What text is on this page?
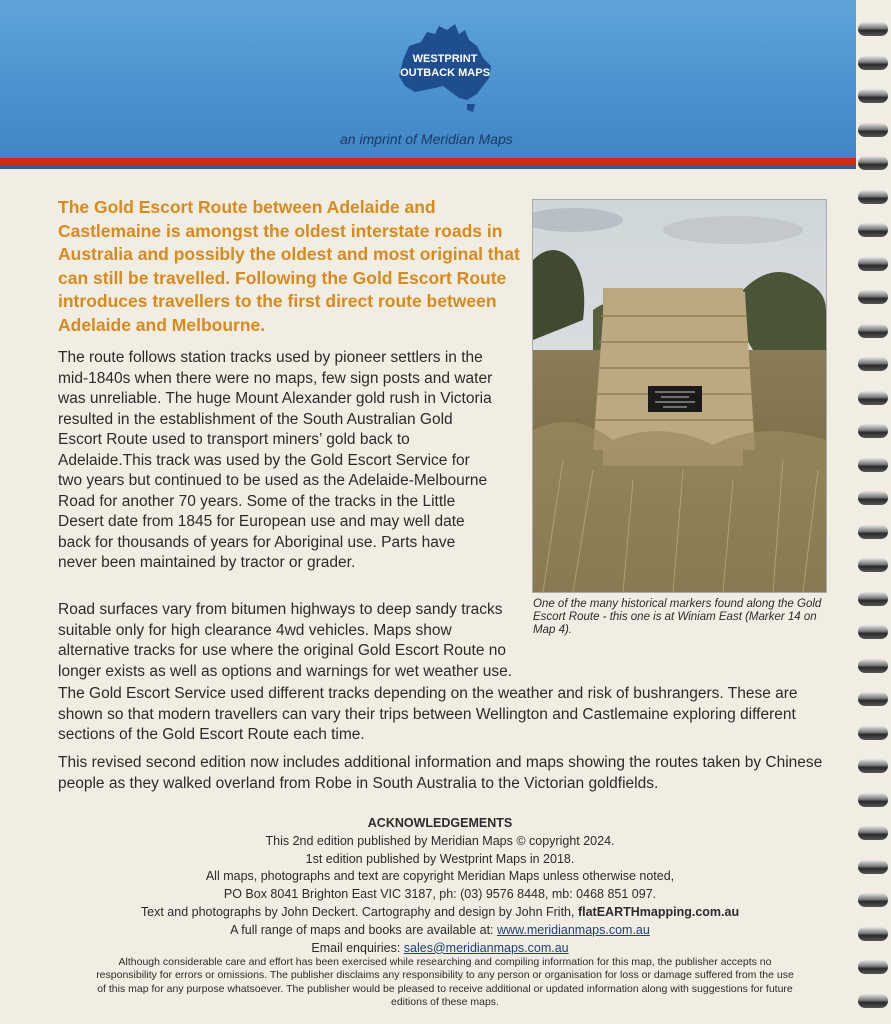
WESTPRINT
OUTBACK MAPS
an imprint of Meridian Maps
The Gold Escort Route between Adelaide and Castlemaine is amongst the oldest interstate roads in Australia and possibly the oldest and most original that can still be travelled. Following the Gold Escort Route introduces travellers to the first direct route between Adelaide and Melbourne.
The route follows station tracks used by pioneer settlers in the mid-1840s when there were no maps, few sign posts and water was unreliable. The huge Mount Alexander gold rush in Victoria resulted in the establishment of the South Australian Gold Escort Route used to transport miners’ gold back to Adelaide.This track was used by the Gold Escort Service for two years but continued to be used as the Adelaide-Melbourne Road for another 70 years. Some of the tracks in the Little Desert date from 1845 for European use and may well date back for thousands of years for Aboriginal use. Parts have never been maintained by tractor or grader.
Road surfaces vary from bitumen highways to deep sandy tracks suitable only for high clearance 4wd vehicles. Maps show alternative tracks for use where the original Gold Escort Route no longer exists as well as options and warnings for wet weather use.
The Gold Escort Service used different tracks depending on the weather and risk of bushrangers. These are shown so that modern travellers can vary their trips between Wellington and Castlemaine exploring different sections of the Gold Escort Route each time.
This revised second edition now includes additional information and maps showing the routes taken by Chinese people as they walked overland from Robe in South Australia to the Victorian goldfields.
One of the many historical markers found along the Gold Escort Route - this one is at Winiam East (Marker 14 on Map 4).
ACKNOWLEDGEMENTS
This 2nd edition published by Meridian Maps © copyright 2024.
1st edition published by Westprint Maps in 2018.
All maps, photographs and text are copyright Meridian Maps unless otherwise noted,
PO Box 8041 Brighton East VIC 3187, ph: (03) 9576 8448, mb: 0468 851 097.
Text and photographs by John Deckert. Cartography and design by John Frith, flatEARTHmapping.com.au
A full range of maps and books are available at: www.meridianmaps.com.au
Email enquiries: sales@meridianmaps.com.au
Although considerable care and effort has been exercised while researching and compiling information for this map, the publisher accepts no responsibility for errors or omissions. The publisher disclaims any responsibility to any person or organisation for loss or damage suffered from the use of this map for any purpose whatsoever. The publisher would be pleased to receive additional or updated information along with suggestions for future editions of these maps.
